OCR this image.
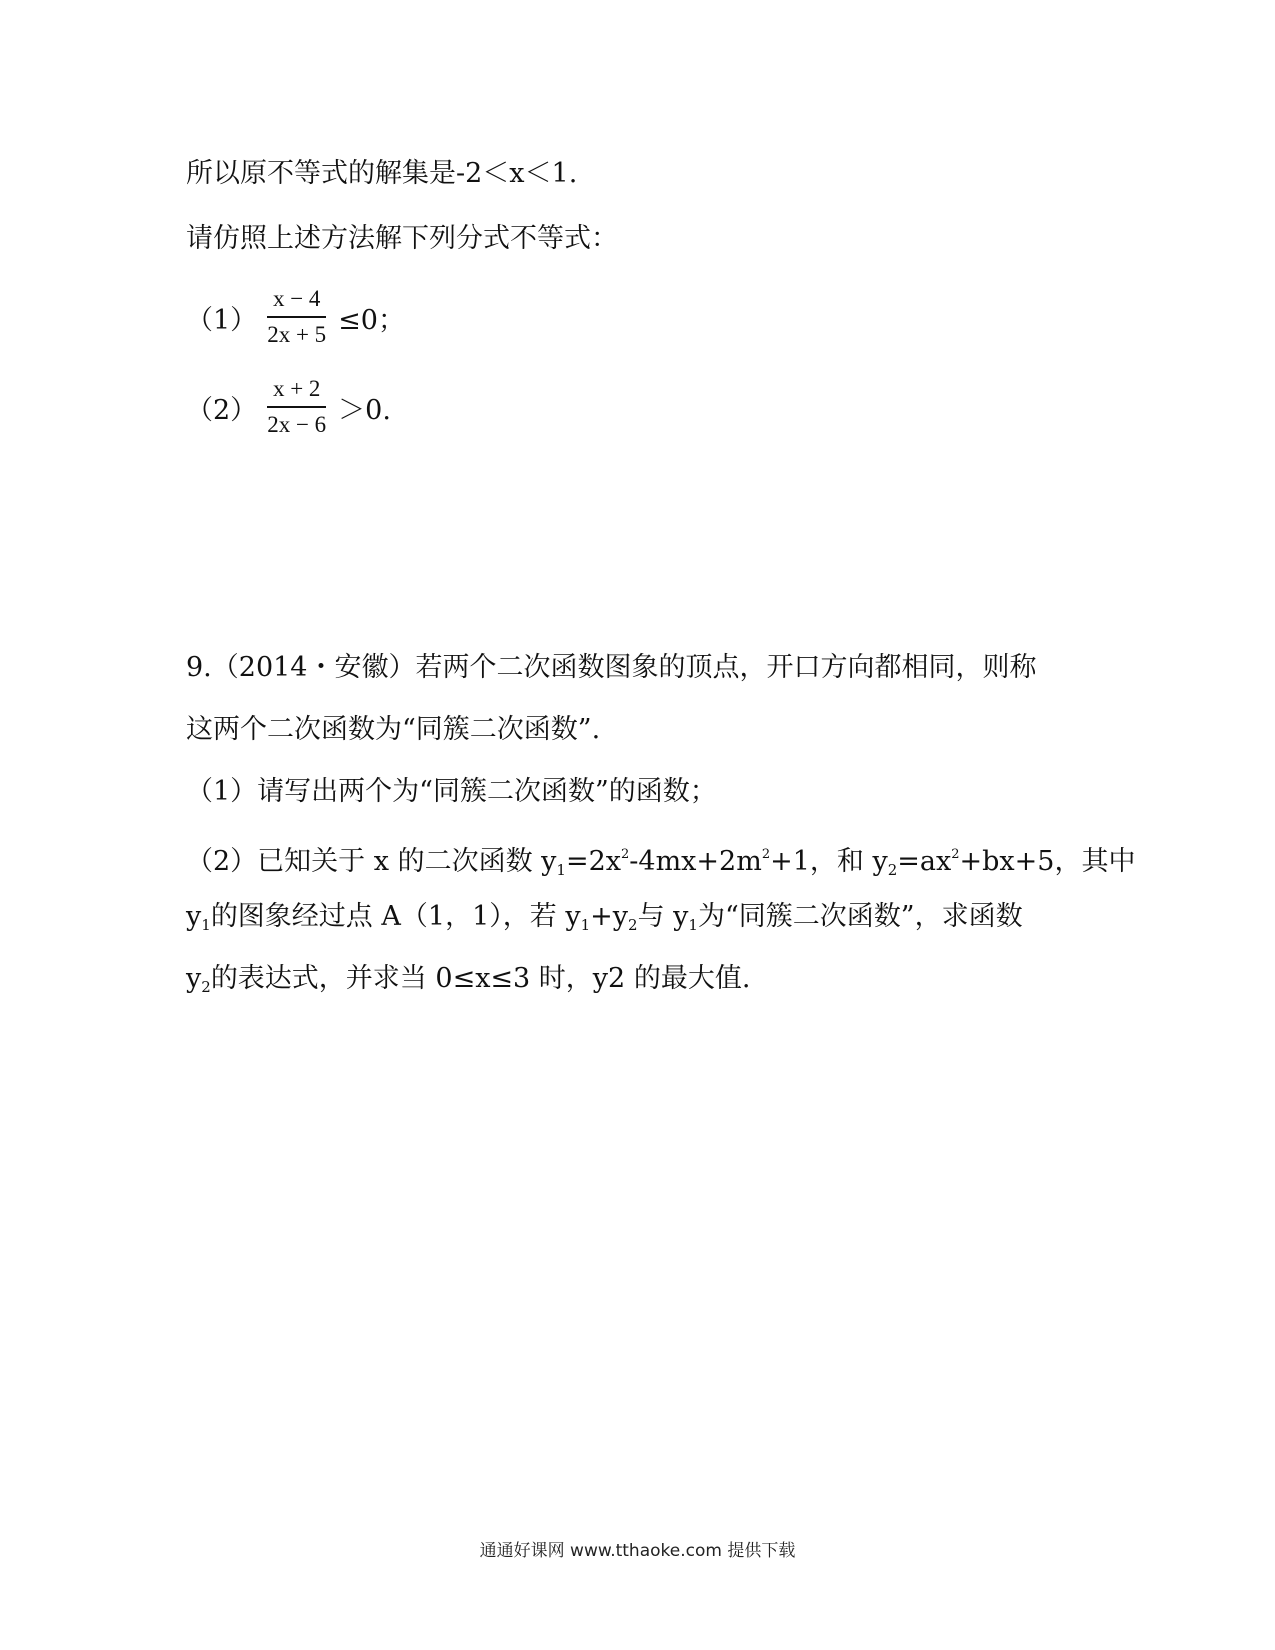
所以原不等式的解集是-2＜x＜1.
请仿照上述方法解下列分式不等式：
$(1) \frac{x - 4}{2x + 5} \le 0$；
$(2) \frac{x + 2}{2x - 6} >0$.
9.（2014・安徽）若两个二次函数图象的顶点，开口方向都相同，则称
这两个二次函数为“同簇二次函数”.
（1）请写出两个为“同簇二次函数”的函数；
（2）已知关于 x 的二次函数 $y_1=2x^2-4mx+2m^2+1$，和 $y_2=ax^2+bx+5$，其中
$y_1$的图象经过点 A（1，1），若 $y_1+y_2$与 $y_1$为“同簇二次函数”，求函数
$y_2$的表达式，并求当 0≤x≤3 时，y2 的最大值.
通通好课网 www.tthaoke.com 提供下载
